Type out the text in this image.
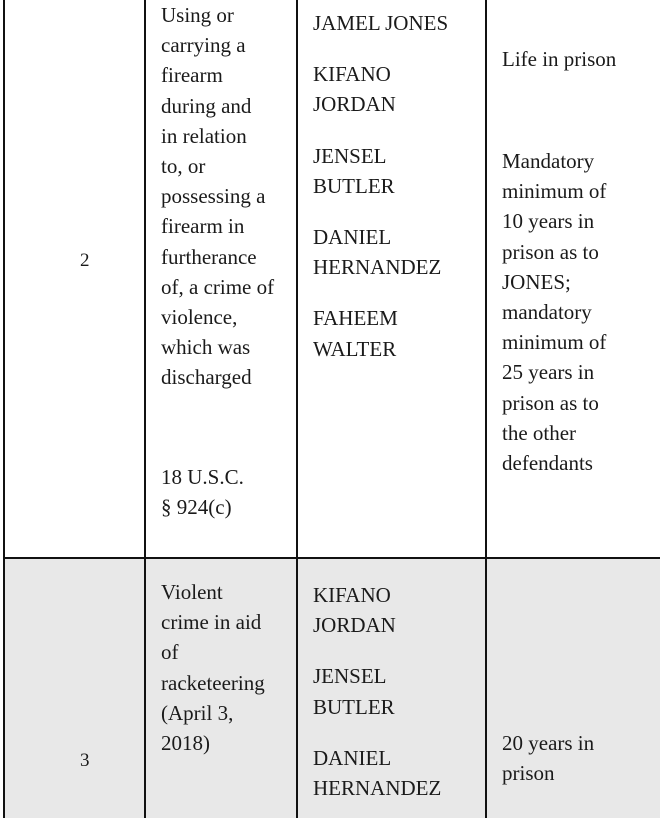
2

Using or

carrying a

firearm

during and

in relation

to, or

possessing a

firearm in

furtherance

of, a crime of

violence,

which was

discharged

18 U.S.C.

§ 924(c)

JAMEL JONES

KIFANO

JORDAN

JENSEL

BUTLER

DANIEL

HERNANDEZ

FAHEEM

WALTER

Life in prison

Mandatory

minimum of

10 years in

prison as to

JONES;

mandatory

minimum of

25 years in

prison as to

the other

defendants

3

Violent

crime in aid

of

racketeering

(April 3,

2018)

KIFANO

JORDAN

JENSEL

BUTLER

DANIEL

HERNANDEZ

20 years in

prison
